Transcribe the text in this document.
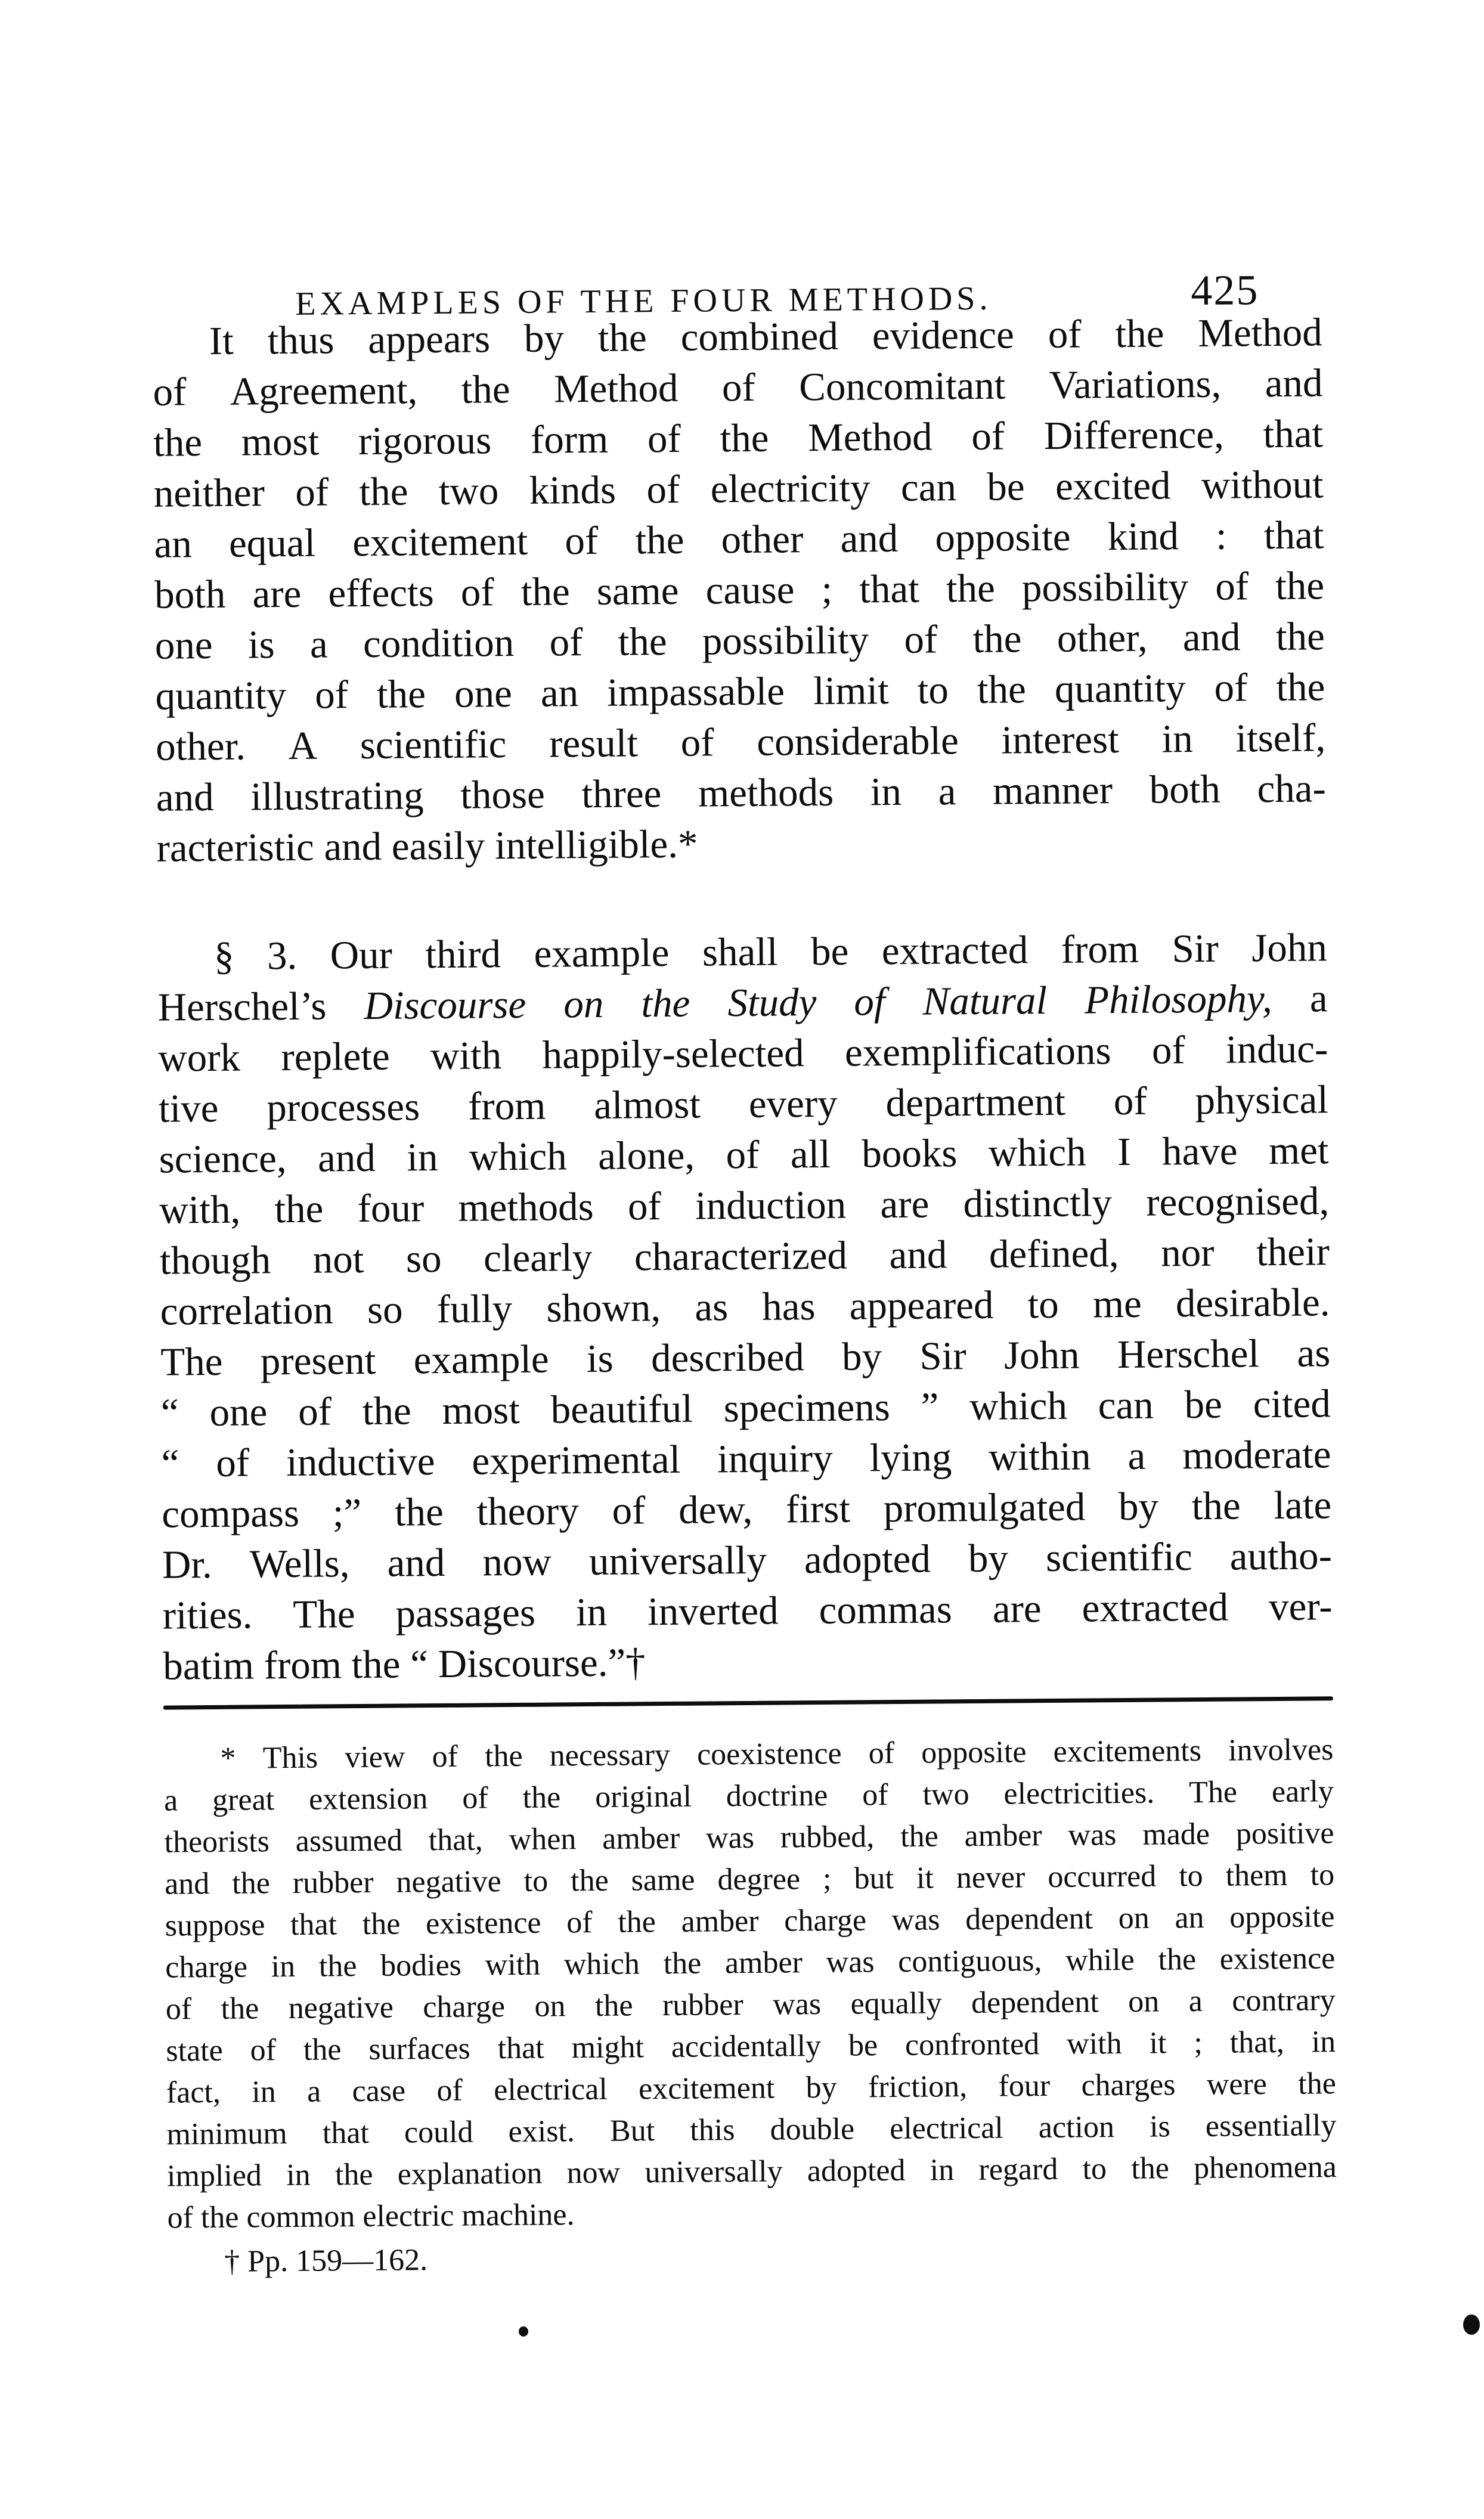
EXAMPLES OF THE FOUR METHODS.	425
It thus appears by the combined evidence of the Method
of Agreement, the Method of Concomitant Variations, and
the most rigorous form of the Method of Difference, that
neither of the two kinds of electricity can be excited without
an equal excitement of the other and opposite kind : that
both are effects of the same cause ; that the possibility of the
one is a condition of the possibility of the other, and the
quantity of the one an impassable limit to the quantity of the
other. A scientific result of considerable interest in itself,
and illustrating those three methods in a manner both cha-
racteristic and easily intelligible.*
§ 3. Our third example shall be extracted from Sir John
Herschel’s Discourse on the Study of Natural Philosophy, a
work replete with happily-selected exemplifications of induc-
tive processes from almost every department of physical
science, and in which alone, of all books which I have met
with, the four methods of induction are distinctly recognised,
though not so clearly characterized and defined, nor their
correlation so fully shown, as has appeared to me desirable.
The present example is described by Sir John Herschel as
“ one of the most beautiful specimens ” which can be cited
“ of inductive experimental inquiry lying within a moderate
compass ;” the theory of dew, first promulgated by the late
Dr. Wells, and now universally adopted by scientific autho-
rities. The passages in inverted commas are extracted ver-
batim from the “ Discourse.”†
* This view of the necessary coexistence of opposite excitements involves
a great extension of the original doctrine of two electricities. The early
theorists assumed that, when amber was rubbed, the amber was made positive
and the rubber negative to the same degree ; but it never occurred to them to
suppose that the existence of the amber charge was dependent on an opposite
charge in the bodies with which the amber was contiguous, while the existence
of the negative charge on the rubber was equally dependent on a contrary
state of the surfaces that might accidentally be confronted with it ; that, in
fact, in a case of electrical excitement by friction, four charges were the
minimum that could exist. But this double electrical action is essentially
implied in the explanation now universally adopted in regard to the phenomena
of the common electric machine.
† Pp. 159—162.
